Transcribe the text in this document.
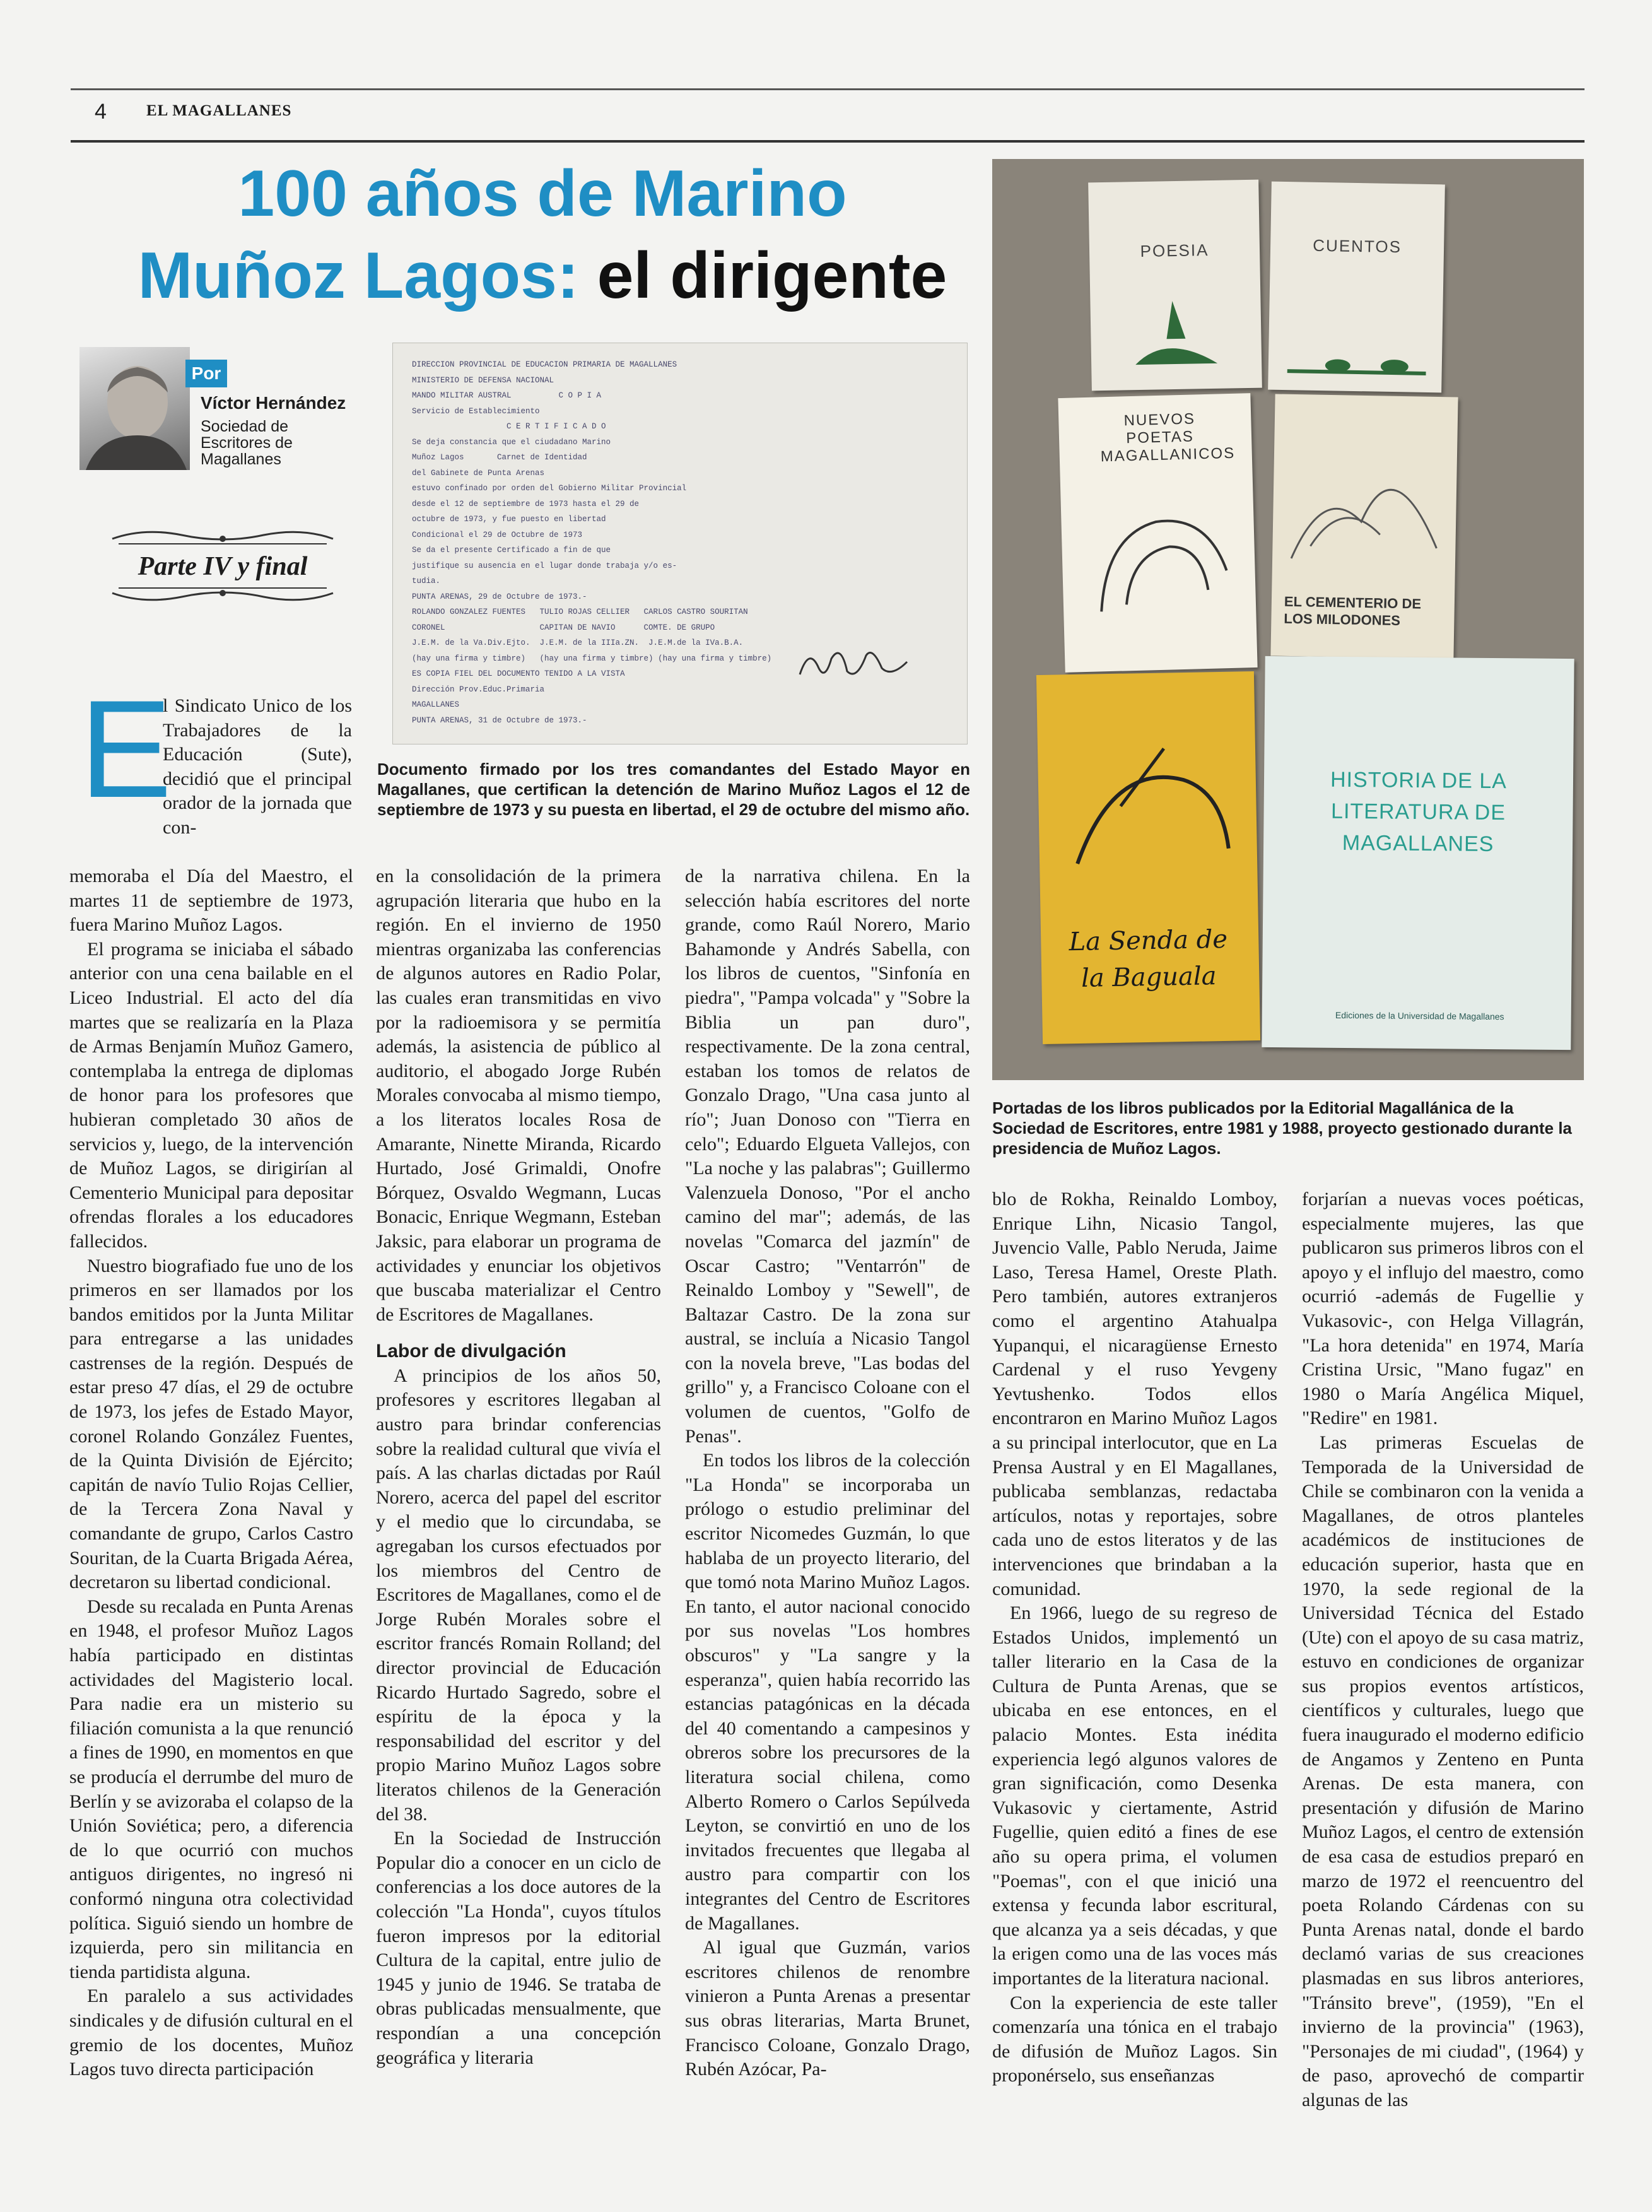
4	EL MAGALLANES
100 años de Marino
Muñoz Lagos: el dirigente
Por
Víctor Hernández
Sociedad de Escritores de Magallanes
Parte IV y final
DIRECCION PROVINCIAL DE EDUCACION PRIMARIA DE MAGALLANES
MINISTERIO DE DEFENSA NACIONAL
MANDO MILITAR AUSTRAL          C O P I A
Servicio de Establecimiento
C E R T I F I C A D O
Se deja constancia que el ciudadano Marino
Muñoz Lagos       Carnet de Identidad
del Gabinete de Punta Arenas
estuvo confinado por orden del Gobierno Militar Provincial
desde el 12 de septiembre de 1973 hasta el 29 de
octubre de 1973, y fue puesto en libertad
Condicional el 29 de Octubre de 1973
Se da el presente Certificado a fin de que
justifique su ausencia en el lugar donde trabaja y/o es-
tudia.
PUNTA ARENAS, 29 de Octubre de 1973.-
ROLANDO GONZALEZ FUENTES   TULIO ROJAS CELLIER   CARLOS CASTRO SOURITAN
CORONEL                    CAPITAN DE NAVIO      COMTE. DE GRUPO
J.E.M. de la Va.Div.Ejto.  J.E.M. de la IIIa.ZN.  J.E.M.de la IVa.B.A.
(hay una firma y timbre)   (hay una firma y timbre) (hay una firma y timbre)
ES COPIA FIEL DEL DOCUMENTO TENIDO A LA VISTA
Dirección Prov.Educ.Primaria
MAGALLANES
PUNTA ARENAS, 31 de Octubre de 1973.-
Documento firmado por los tres comandantes del Estado Mayor en Magallanes, que certifican la detención de Marino Muñoz Lagos el 12 de septiembre de 1973 y su puesta en libertad, el 29 de octubre del mismo año.
POESIA	CUENTOS
NUEVOS POETAS MAGALLANICOS
EL CEMENTERIO DE LOS MILODONES
La Senda de la Baguala
HISTORIA DE LA LITERATURA DE MAGALLANES
Ediciones de la Universidad de Magallanes
Portadas de los libros publicados por la Editorial Magallánica de la Sociedad de Escritores, entre 1981 y 1988, proyecto gestionado durante la presidencia de Muñoz Lagos.
E

l Sindicato Unico de los Trabajadores de la Educación (Sute), decidió que el principal orador de la jornada que con-

memoraba el Día del Maestro, el martes 11 de septiembre de 1973, fuera Marino Muñoz Lagos.

El programa se iniciaba el sábado anterior con una cena bailable en el Liceo Industrial. El acto del día martes que se realizaría en la Plaza de Armas Benjamín Muñoz Gamero, contemplaba la entrega de diplomas de honor para los profesores que hubieran completado 30 años de servicios y, luego, de la intervención de Muñoz Lagos, se dirigirían al Cementerio Municipal para depositar ofrendas florales a los educadores fallecidos.

Nuestro biografiado fue uno de los primeros en ser llamados por los bandos emitidos por la Junta Militar para entregarse a las unidades castrenses de la región. Después de estar preso 47 días, el 29 de octubre de 1973, los jefes de Estado Mayor, coronel Rolando González Fuentes, de la Quinta División de Ejército; capitán de navío Tulio Rojas Cellier, de la Tercera Zona Naval y comandante de grupo, Carlos Castro Souritan, de la Cuarta Brigada Aérea, decretaron su libertad condicional.

Desde su recalada en Punta Arenas en 1948, el profesor Muñoz Lagos había participado en distintas actividades del Magisterio local. Para nadie era un misterio su filiación comunista a la que renunció a fines de 1990, en momentos en que se producía el derrumbe del muro de Berlín y se avizoraba el colapso de la Unión Soviética; pero, a diferencia de lo que ocurrió con muchos antiguos dirigentes, no ingresó ni conformó ninguna otra colectividad política. Siguió siendo un hombre de izquierda, pero sin militancia en tienda partidista alguna.

En paralelo a sus actividades sindicales y de difusión cultural en el gremio de los docentes, Muñoz Lagos tuvo directa participación

en la consolidación de la primera agrupación literaria que hubo en la región. En el invierno de 1950 mientras organizaba las conferencias de algunos autores en Radio Polar, las cuales eran transmitidas en vivo por la radioemisora y se permitía además, la asistencia de público al auditorio, el abogado Jorge Rubén Morales convocaba al mismo tiempo, a los literatos locales Rosa de Amarante, Ninette Miranda, Ricardo Hurtado, José Grimaldi, Onofre Bórquez, Osvaldo Wegmann, Lucas Bonacic, Enrique Wegmann, Esteban Jaksic, para elaborar un programa de actividades y enunciar los objetivos que buscaba materializar el Centro de Escritores de Magallanes.

Labor de divulgación

A principios de los años 50, profesores y escritores llegaban al austro para brindar conferencias sobre la realidad cultural que vivía el país. A las charlas dictadas por Raúl Norero, acerca del papel del escritor y el medio que lo circundaba, se agregaban los cursos efectuados por los miembros del Centro de Escritores de Magallanes, como el de Jorge Rubén Morales sobre el escritor francés Romain Rolland; del director provincial de Educación Ricardo Hurtado Sagredo, sobre el espíritu de la época y la responsabilidad del escritor y del propio Marino Muñoz Lagos sobre literatos chilenos de la Generación del 38.

En la Sociedad de Instrucción Popular dio a conocer en un ciclo de conferencias a los doce autores de la colección "La Honda", cuyos títulos fueron impresos por la editorial Cultura de la capital, entre julio de 1945 y junio de 1946. Se trataba de obras publicadas mensualmente, que respondían a una concepción geográfica y literaria

de la narrativa chilena. En la selección había escritores del norte grande, como Raúl Norero, Mario Bahamonde y Andrés Sabella, con los libros de cuentos, "Sinfonía en piedra", "Pampa volcada" y "Sobre la Biblia un pan duro", respectivamente. De la zona central, estaban los tomos de relatos de Gonzalo Drago, "Una casa junto al río"; Juan Donoso con "Tierra en celo"; Eduardo Elgueta Vallejos, con "La noche y las palabras"; Guillermo Valenzuela Donoso, "Por el ancho camino del mar"; además, de las novelas "Comarca del jazmín" de Oscar Castro; "Ventarrón" de Reinaldo Lomboy y "Sewell", de Baltazar Castro. De la zona sur austral, se incluía a Nicasio Tangol con la novela breve, "Las bodas del grillo" y, a Francisco Coloane con el volumen de cuentos, "Golfo de Penas".

En todos los libros de la colección "La Honda" se incorporaba un prólogo o estudio preliminar del escritor Nicomedes Guzmán, lo que hablaba de un proyecto literario, del que tomó nota Marino Muñoz Lagos. En tanto, el autor nacional conocido por sus novelas "Los hombres obscuros" y "La sangre y la esperanza", quien había recorrido las estancias patagónicas en la década del 40 comentando a campesinos y obreros sobre los precursores de la literatura social chilena, como Alberto Romero o Carlos Sepúlveda Leyton, se convirtió en uno de los invitados frecuentes que llegaba al austro para compartir con los integrantes del Centro de Escritores de Magallanes.

Al igual que Guzmán, varios escritores chilenos de renombre vinieron a Punta Arenas a presentar sus obras literarias, Marta Brunet, Francisco Coloane, Gonzalo Drago, Rubén Azócar, Pa-

blo de Rokha, Reinaldo Lomboy, Enrique Lihn, Nicasio Tangol, Juvencio Valle, Pablo Neruda, Jaime Laso, Teresa Hamel, Oreste Plath. Pero también, autores extranjeros como el argentino Atahualpa Yupanqui, el nicaragüense Ernesto Cardenal y el ruso Yevgeny Yevtushenko. Todos ellos encontraron en Marino Muñoz Lagos a su principal interlocutor, que en La Prensa Austral y en El Magallanes, publicaba semblanzas, redactaba artículos, notas y reportajes, sobre cada uno de estos literatos y de las intervenciones que brindaban a la comunidad.

En 1966, luego de su regreso de Estados Unidos, implementó un taller literario en la Casa de la Cultura de Punta Arenas, que se ubicaba en ese entonces, en el palacio Montes. Esta inédita experiencia legó algunos valores de gran significación, como Desenka Vukasovic y ciertamente, Astrid Fugellie, quien editó a fines de ese año su opera prima, el volumen "Poemas", con el que inició una extensa y fecunda labor escritural, que alcanza ya a seis décadas, y que la erigen como una de las voces más importantes de la literatura nacional.

Con la experiencia de este taller comenzaría una tónica en el trabajo de difusión de Muñoz Lagos. Sin proponérselo, sus enseñanzas

forjarían a nuevas voces poéticas, especialmente mujeres, las que publicaron sus primeros libros con el apoyo y el influjo del maestro, como ocurrió -además de Fugellie y Vukasovic-, con Helga Villagrán, "La hora detenida" en 1974, María Cristina Ursic, "Mano fugaz" en 1980 o María Angélica Miquel, "Redire" en 1981.

Las primeras Escuelas de Temporada de la Universidad de Chile se combinaron con la venida a Magallanes, de otros planteles académicos de instituciones de educación superior, hasta que en 1970, la sede regional de la Universidad Técnica del Estado (Ute) con el apoyo de su casa matriz, estuvo en condiciones de organizar sus propios eventos artísticos, científicos y culturales, luego que fuera inaugurado el moderno edificio de Angamos y Zenteno en Punta Arenas. De esta manera, con presentación y difusión de Marino Muñoz Lagos, el centro de extensión de esa casa de estudios preparó en marzo de 1972 el reencuentro del poeta Rolando Cárdenas con su Punta Arenas natal, donde el bardo declamó varias de sus creaciones plasmadas en sus libros anteriores, "Tránsito breve", (1959), "En el invierno de la provincia" (1963), "Personajes de mi ciudad", (1964) y de paso, aprovechó de compartir algunas de las
